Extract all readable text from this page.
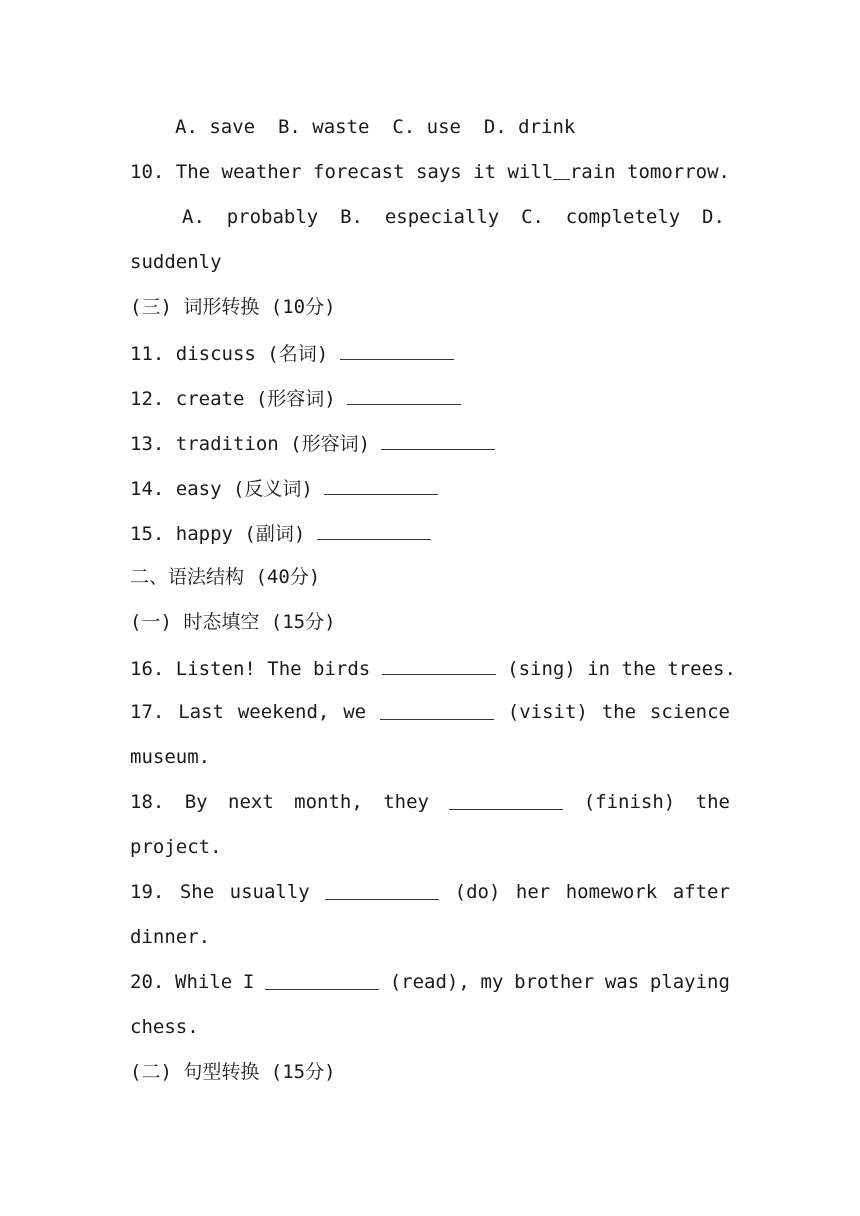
A. save  B. waste  C. use  D. drink
10. The weather forecast says it will rain tomorrow.
A. probably B. especially C. completely D.
suddenly
(三) 词形转换 (10分)
11. discuss (名词)
12. create (形容词)
13. tradition (形容词)
14. easy (反义词)
15. happy (副词)
二、语法结构 (40分)
(一) 时态填空 (15分)
16. Listen! The birds	(sing) in the trees.
17. Last weekend, we	(visit) the science
museum.
18. By next month, they	(finish) the
project.
19. She usually	(do) her homework after
dinner.
20. While I	(read), my brother was playing
chess.
(二) 句型转换 (15分)
